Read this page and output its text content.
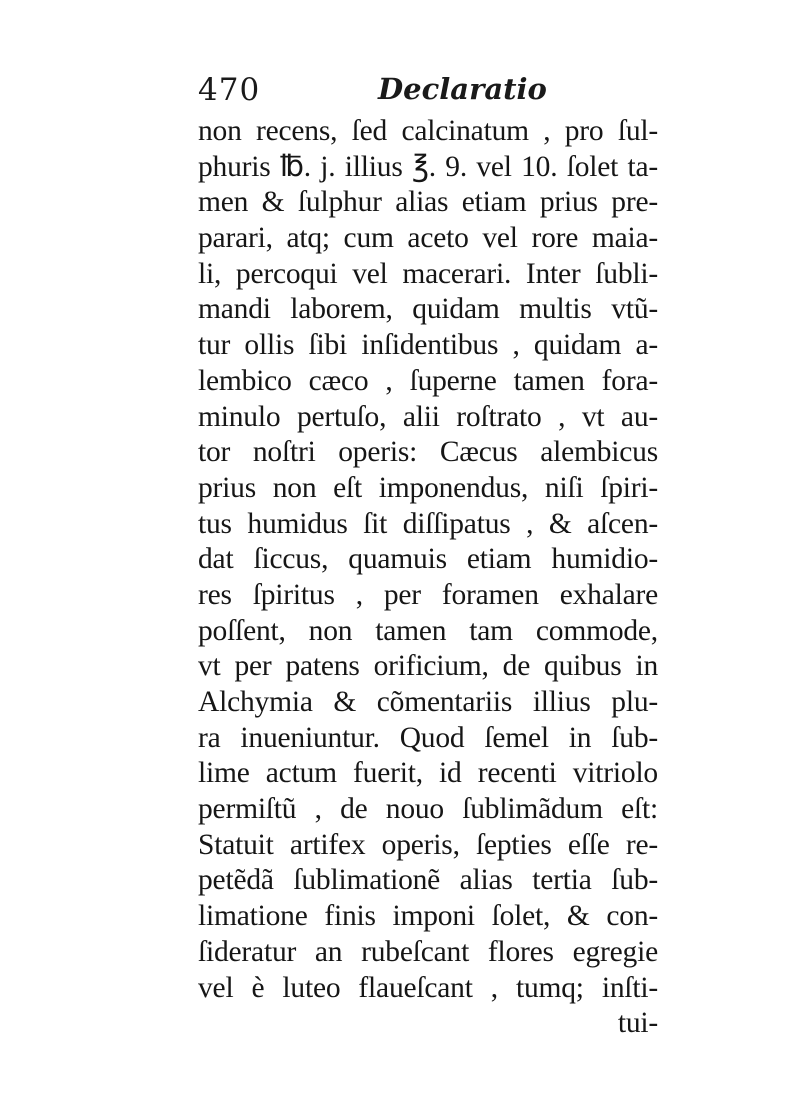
470	Declaratio
non recens, ſed calcinatum , pro ſul-
phuris ℔. j. illius ℥. 9. vel 10. ſolet ta-
men & ſulphur alias etiam prius pre-
parari, atq; cum aceto vel rore maia-
li, percoqui vel macerari. Inter ſubli-
mandi laborem, quidam multis vtũ-
tur ollis ſibi inſidentibus , quidam a-
lembico cæco , ſuperne tamen fora-
minulo pertuſo, alii roſtrato , vt au-
tor noſtri operis: Cæcus alembicus
prius non eſt imponendus, niſi ſpiri-
tus humidus ſit diſſipatus , & aſcen-
dat ſiccus, quamuis etiam humidio-
res ſpiritus , per foramen exhalare
poſſent, non tamen tam commode,
vt per patens orificium, de quibus in
Alchymia & cõmentariis illius plu-
ra inueniuntur. Quod ſemel in ſub-
lime actum fuerit, id recenti vitriolo
permiſtũ , de nouo ſublimãdum eſt:
Statuit artifex operis, ſepties eſſe re-
petẽdã ſublimationẽ alias tertia ſub-
limatione finis imponi ſolet, & con-
ſideratur an rubeſcant flores egregie
vel è luteo flaueſcant , tumq; inſti-
tui-
